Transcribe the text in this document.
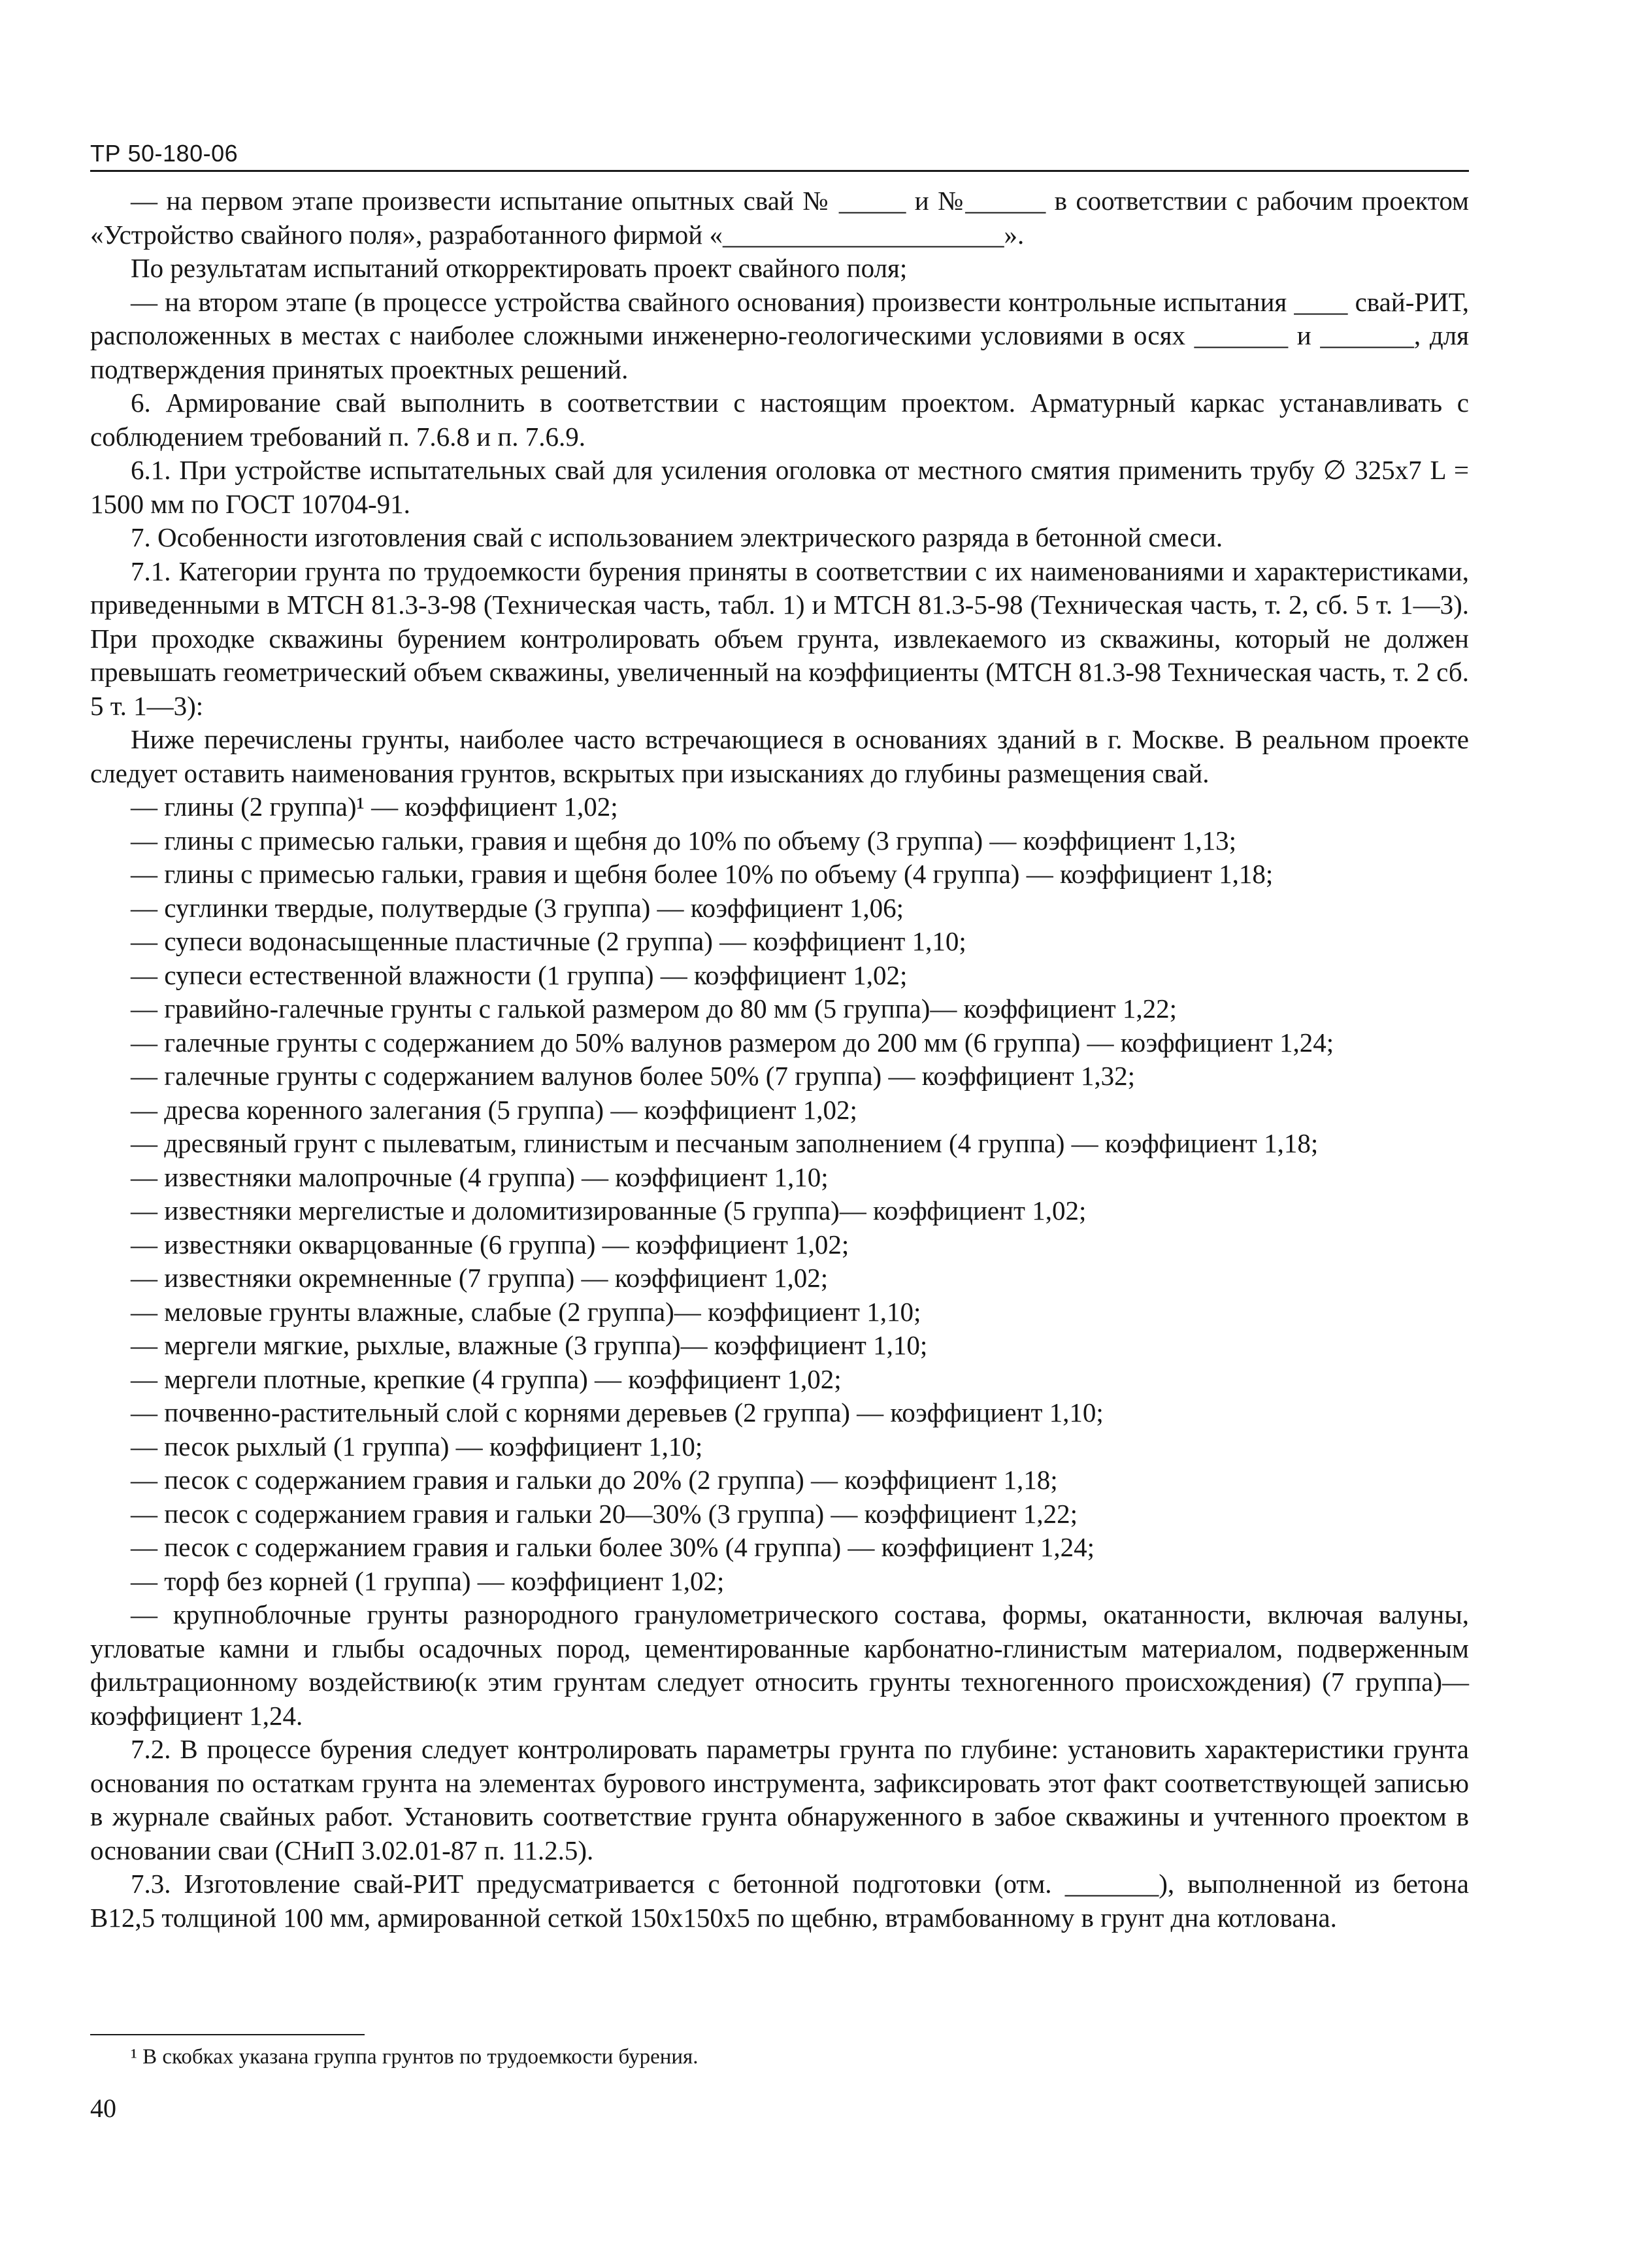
ТР 50-180-06

— на первом этапе произвести испытание опытных свай № _____ и №______ в соответствии с рабочим проектом «Устройство свайного поля», разработанного фирмой «_____________________».

По результатам испытаний откорректировать проект свайного поля;

— на втором этапе (в процессе устройства свайного основания) произвести контрольные испытания ____ свай-РИТ, расположенных в местах с наиболее сложными инженерно-геологическими условиями в осях _______ и _______, для подтверждения принятых проектных решений.

6. Армирование свай выполнить в соответствии с настоящим проектом. Арматурный каркас устанавливать с соблюдением требований п. 7.6.8 и п. 7.6.9.

6.1. При устройстве испытательных свай для усиления оголовка от местного смятия применить трубу ∅ 325х7 L = 1500 мм по ГОСТ 10704-91.

7. Особенности изготовления свай с использованием электрического разряда в бетонной смеси.

7.1. Категории грунта по трудоемкости бурения приняты в соответствии с их наименованиями и характеристиками, приведенными в МТСН 81.3-3-98 (Техническая часть, табл. 1) и МТСН 81.3-5-98 (Техническая часть, т. 2, сб. 5 т. 1—3). При проходке скважины бурением контролировать объем грунта, извлекаемого из скважины, который не должен превышать геометрический объем скважины, увеличенный на коэффициенты (МТСН 81.3-98 Техническая часть, т. 2 сб. 5 т. 1—3):

Ниже перечислены грунты, наиболее часто встречающиеся в основаниях зданий в г. Москве. В реальном проекте следует оставить наименования грунтов, вскрытых при изысканиях до глубины размещения свай.

— глины (2 группа)¹ — коэффициент 1,02;

— глины с примесью гальки, гравия и щебня до 10% по объему (3 группа) — коэффициент 1,13;

— глины с примесью гальки, гравия и щебня более 10% по объему (4 группа) — коэффициент 1,18;

— суглинки твердые, полутвердые (3 группа) — коэффициент 1,06;

— супеси водонасыщенные пластичные (2 группа) — коэффициент 1,10;

— супеси естественной влажности (1 группа) — коэффициент 1,02;

— гравийно-галечные грунты с галькой размером до 80 мм (5 группа)— коэффициент 1,22;

— галечные грунты с содержанием до 50% валунов размером до 200 мм (6 группа) — коэффициент 1,24;

— галечные грунты с содержанием валунов более 50% (7 группа) — коэффициент 1,32;

— дресва коренного залегания (5 группа) — коэффициент 1,02;

— дресвяный грунт с пылеватым, глинистым и песчаным заполнением (4 группа) — коэффициент 1,18;

— известняки малопрочные (4 группа) — коэффициент 1,10;

— известняки мергелистые и доломитизированные (5 группа)— коэффициент 1,02;

— известняки окварцованные (6 группа) — коэффициент 1,02;

— известняки окремненные (7 группа) — коэффициент 1,02;

— меловые грунты влажные, слабые (2 группа)— коэффициент 1,10;

— мергели мягкие, рыхлые, влажные (3 группа)— коэффициент 1,10;

— мергели плотные, крепкие (4 группа) — коэффициент 1,02;

— почвенно-растительный слой с корнями деревьев (2 группа) — коэффициент 1,10;

— песок рыхлый (1 группа) — коэффициент 1,10;

— песок с содержанием гравия и гальки до 20% (2 группа) — коэффициент 1,18;

— песок с содержанием гравия и гальки 20—30% (3 группа) — коэффициент 1,22;

— песок с содержанием гравия и гальки более 30% (4 группа) — коэффициент 1,24;

— торф без корней (1 группа) — коэффициент 1,02;

— крупноблочные грунты разнородного гранулометрического состава, формы, окатанности, включая валуны, угловатые камни и глыбы осадочных пород, цементированные карбонатно-глинистым материалом, подверженным фильтрационному воздействию(к этим грунтам следует относить грунты техногенного происхождения) (7 группа)— коэффициент 1,24.

7.2. В процессе бурения следует контролировать параметры грунта по глубине: установить характеристики грунта основания по остаткам грунта на элементах бурового инструмента, зафиксировать этот факт соответствующей записью в журнале свайных работ. Установить соответствие грунта обнаруженного в забое скважины и учтенного проектом в основании сваи (СНиП 3.02.01-87 п. 11.2.5).

7.3. Изготовление свай-РИТ предусматривается с бетонной подготовки (отм. _______), выполненной из бетона В12,5 толщиной 100 мм, армированной сеткой 150х150х5 по щебню, втрамбованному в грунт дна котлована.

¹ В скобках указана группа грунтов по трудоемкости бурения.
40
